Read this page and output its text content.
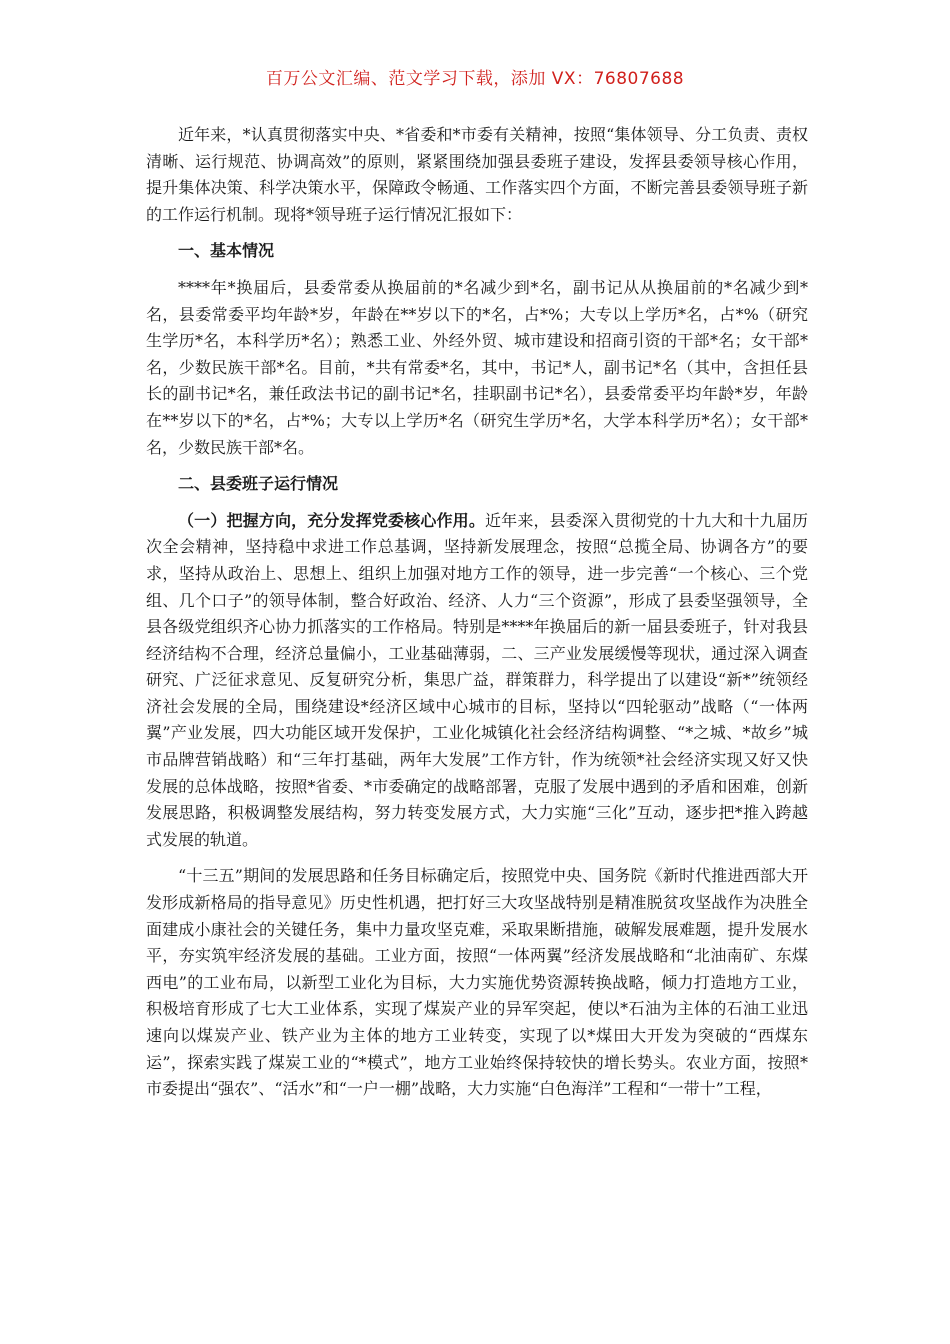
百万公文汇编、范文学习下载，添加 VX：76807688

近年来，*认真贯彻落实中央、*省委和*市委有关精神，按照“集体领导、分工负责、责权清晰、运行规范、协调高效”的原则，紧紧围绕加强县委班子建设，发挥县委领导核心作用，提升集体决策、科学决策水平，保障政令畅通、工作落实四个方面，不断完善县委领导班子新的工作运行机制。现将*领导班子运行情况汇报如下：

一、基本情况

****年*换届后，县委常委从换届前的*名减少到*名，副书记从从换届前的*名减少到*名，县委常委平均年龄*岁，年龄在**岁以下的*名，占*%；大专以上学历*名，占*%（研究生学历*名，本科学历*名）；熟悉工业、外经外贸、城市建设和招商引资的干部*名；女干部*名，少数民族干部*名。目前，*共有常委*名，其中，书记*人，副书记*名（其中，含担任县长的副书记*名，兼任政法书记的副书记*名，挂职副书记*名），县委常委平均年龄*岁，年龄在**岁以下的*名，占*%；大专以上学历*名（研究生学历*名，大学本科学历*名）；女干部*名，少数民族干部*名。

二、县委班子运行情况

（一）把握方向，充分发挥党委核心作用。近年来，县委深入贯彻党的十九大和十九届历次全会精神，坚持稳中求进工作总基调，坚持新发展理念，按照“总揽全局、协调各方”的要求，坚持从政治上、思想上、组织上加强对地方工作的领导，进一步完善“一个核心、三个党组、几个口子”的领导体制，整合好政治、经济、人力“三个资源”，形成了县委坚强领导，全县各级党组织齐心协力抓落实的工作格局。特别是****年换届后的新一届县委班子，针对我县经济结构不合理，经济总量偏小，工业基础薄弱，二、三产业发展缓慢等现状，通过深入调查研究、广泛征求意见、反复研究分析，集思广益，群策群力，科学提出了以建设“新*”统领经济社会发展的全局，围绕建设*经济区域中心城市的目标，坚持以“四轮驱动”战略（“一体两翼”产业发展，四大功能区域开发保护，工业化城镇化社会经济结构调整、“*之城、*故乡”城市品牌营销战略）和“三年打基础，两年大发展”工作方针，作为统领*社会经济实现又好又快发展的总体战略，按照*省委、*市委确定的战略部署，克服了发展中遇到的矛盾和困难，创新发展思路，积极调整发展结构，努力转变发展方式，大力实施“三化”互动，逐步把*推入跨越式发展的轨道。

“十三五”期间的发展思路和任务目标确定后，按照党中央、国务院《新时代推进西部大开发形成新格局的指导意见》历史性机遇，把打好三大攻坚战特别是精准脱贫攻坚战作为决胜全面建成小康社会的关键任务，集中力量攻坚克难，采取果断措施，破解发展难题，提升发展水平，夯实筑牢经济发展的基础。工业方面，按照“一体两翼”经济发展战略和“北油南矿、东煤西电”的工业布局，以新型工业化为目标，大力实施优势资源转换战略，倾力打造地方工业，积极培育形成了七大工业体系，实现了煤炭产业的异军突起，使以*石油为主体的石油工业迅速向以煤炭产业、铁产业为主体的地方工业转变，实现了以*煤田大开发为突破的“西煤东运”，探索实践了煤炭工业的“*模式”，地方工业始终保持较快的增长势头。农业方面，按照*市委提出“强农”、“活水”和“一户一棚”战略，大力实施“白色海洋”工程和“一带十”工程，
